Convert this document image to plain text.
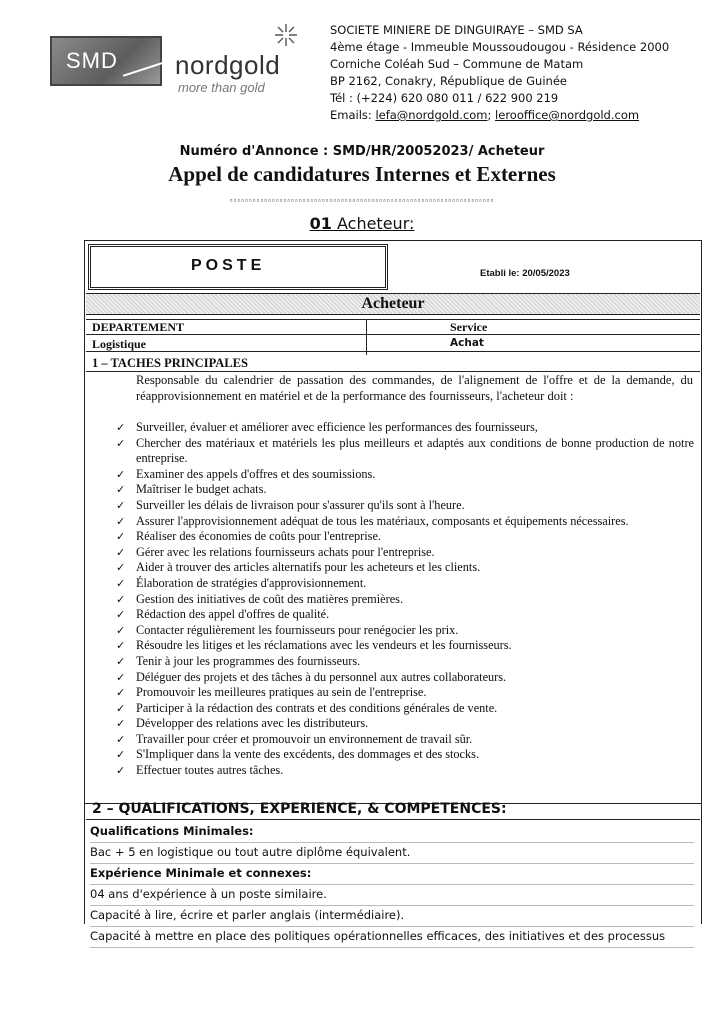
SMD nordgold
more than gold
SOCIETE MINIERE DE DINGUIRAYE – SMD SA
4ème étage - Immeuble Moussoudougou - Résidence 2000
Corniche Coléah Sud – Commune de Matam
BP 2162, Conakry, République de Guinée
Tél : (+224) 620 080 011 / 622 900 219
Emails: lefa@nordgold.com; lerooffice@nordgold.com
Numéro d'Annonce : SMD/HR/20052023/ Acheteur
Appel de candidatures Internes et Externes
▫▫▫▫▫▫▫▫▫▫▫▫▫▫▫▫▫▫▫▫▫▫▫▫▫▫▫▫▫▫▫▫▫▫▫▫▫▫▫▫▫▫▫▫▫▫▫▫▫▫▫▫▫▫▫▫▫▫▫▫▫▫▫▫▫▫▫▫▫
01 Acheteur:
POSTE	Etabli le: 20/05/2023
Acheteur
DEPARTEMENT	Service
Logistique	Achat
1 – TACHES PRINCIPALES
Responsable du calendrier de passation des commandes, de l'alignement de l'offre et de la demande, du réapprovisionnement en matériel et de la performance des fournisseurs, l'acheteur doit :
✓ Surveiller, évaluer et améliorer avec efficience les performances des fournisseurs,
✓ Chercher des matériaux et matériels les plus meilleurs et adaptés aux conditions de bonne production de notre entreprise.
✓ Examiner des appels d'offres et des soumissions.
✓ Maîtriser le budget achats.
✓ Surveiller les délais de livraison pour s'assurer qu'ils sont à l'heure.
✓ Assurer l'approvisionnement adéquat de tous les matériaux, composants et équipements nécessaires.
✓ Réaliser des économies de coûts pour l'entreprise.
✓ Gérer avec les relations fournisseurs achats pour l'entreprise.
✓ Aider à trouver des articles alternatifs pour les acheteurs et les clients.
✓ Élaboration de stratégies d'approvisionnement.
✓ Gestion des initiatives de coût des matières premières.
✓ Rédaction des appel d'offres de qualité.
✓ Contacter régulièrement les fournisseurs pour renégocier les prix.
✓ Résoudre les litiges et les réclamations avec les vendeurs et les fournisseurs.
✓ Tenir à jour les programmes des fournisseurs.
✓ Déléguer des projets et des tâches à du personnel aux autres collaborateurs.
✓ Promouvoir les meilleures pratiques au sein de l'entreprise.
✓ Participer à la rédaction des contrats et des conditions générales de vente.
✓ Développer des relations avec les distributeurs.
✓ Travailler pour créer et promouvoir un environnement de travail sûr.
✓ S'Impliquer dans la vente des excédents, des dommages et des stocks.
✓ Effectuer toutes autres tâches.
2 – QUALIFICATIONS, EXPERIENCE, & COMPETENCES:
Qualifications Minimales:
Bac + 5 en logistique ou tout autre diplôme équivalent.
Expérience Minimale et connexes:
04 ans d'expérience à un poste similaire.
Capacité à lire, écrire et parler anglais (intermédiaire).
Capacité à mettre en place des politiques opérationnelles efficaces, des initiatives et des processus
